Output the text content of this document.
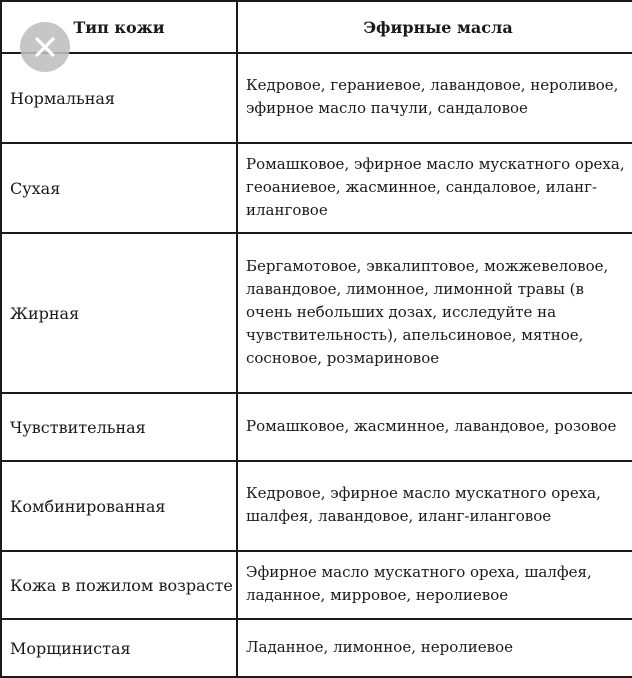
Тип кожи	Эфирные масла
Нормальная	Кедровое, гераниевое, лавандовое, нероливое, эфирное масло пачули, сандаловое
Сухая	Ромашковое, эфирное масло мускатного ореха, геоаниевое, жасминное, сандаловое, иланг-иланговое
Жирная	Бергамотовое, эвкалиптовое, можжевеловое, лавандовое, лимонное, лимонной травы (в очень небольших дозах, исследуйте на чувствительность), апельсиновое, мятное, сосновое, розмариновое
Чувствительная	Ромашковое, жасминное, лавандовое, розовое
Комбинированная	Кедровое, эфирное масло мускатного ореха, шалфея, лавандовое, иланг-иланговое
Кожа в пожилом возрасте	Эфирное масло мускатного ореха, шалфея, ладанное, мирровое, неролиевое
Морщинистая	Ладанное, лимонное, неролиевое
